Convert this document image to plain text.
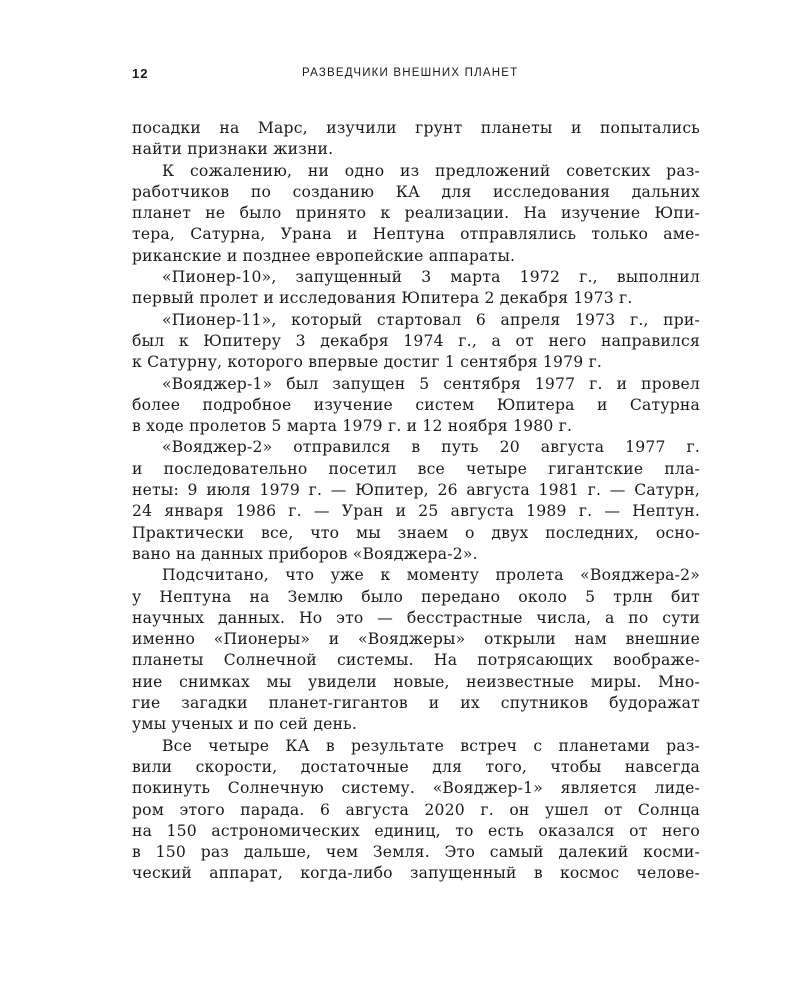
12	РАЗВЕДЧИКИ ВНЕШНИХ ПЛАНЕТ
посадки на Марс, изучили грунт планеты и попытались
найти признаки жизни.
К сожалению, ни одно из предложений советских раз-
работчиков по созданию КА для исследования дальних
планет не было принято к реализации. На изучение Юпи-
тера, Сатурна, Урана и Нептуна отправлялись только аме-
риканские и позднее европейские аппараты.
«Пионер-10», запущенный 3 марта 1972 г., выполнил
первый пролет и исследования Юпитера 2 декабря 1973 г.
«Пионер-11», который стартовал 6 апреля 1973 г., при-
был к Юпитеру 3 декабря 1974 г., а от него направился
к Сатурну, которого впервые достиг 1 сентября 1979 г.
«Вояджер-1» был запущен 5 сентября 1977 г. и провел
более подробное изучение систем Юпитера и Сатурна
в ходе пролетов 5 марта 1979 г. и 12 ноября 1980 г.
«Вояджер-2» отправился в путь 20 августа 1977 г.
и последовательно посетил все четыре гигантские пла-
неты: 9 июля 1979 г. — Юпитер, 26 августа 1981 г. — Сатурн,
24 января 1986 г. — Уран и 25 августа 1989 г. — Нептун.
Практически все, что мы знаем о двух последних, осно-
вано на данных приборов «Вояджера-2».
Подсчитано, что уже к моменту пролета «Вояджера-2»
у Нептуна на Землю было передано около 5 трлн бит
научных данных. Но это — бесстрастные числа, а по сути
именно «Пионеры» и «Вояджеры» открыли нам внешние
планеты Солнечной системы. На потрясающих воображе-
ние снимках мы увидели новые, неизвестные миры. Мно-
гие загадки планет-гигантов и их спутников будоражат
умы ученых и по сей день.
Все четыре КА в результате встреч с планетами раз-
вили скорости, достаточные для того, чтобы навсегда
покинуть Солнечную систему. «Вояджер-1» является лиде-
ром этого парада. 6 августа 2020 г. он ушел от Солнца
на 150 астрономических единиц, то есть оказался от него
в 150 раз дальше, чем Земля. Это самый далекий косми-
ческий аппарат, когда-либо запущенный в космос челове-
